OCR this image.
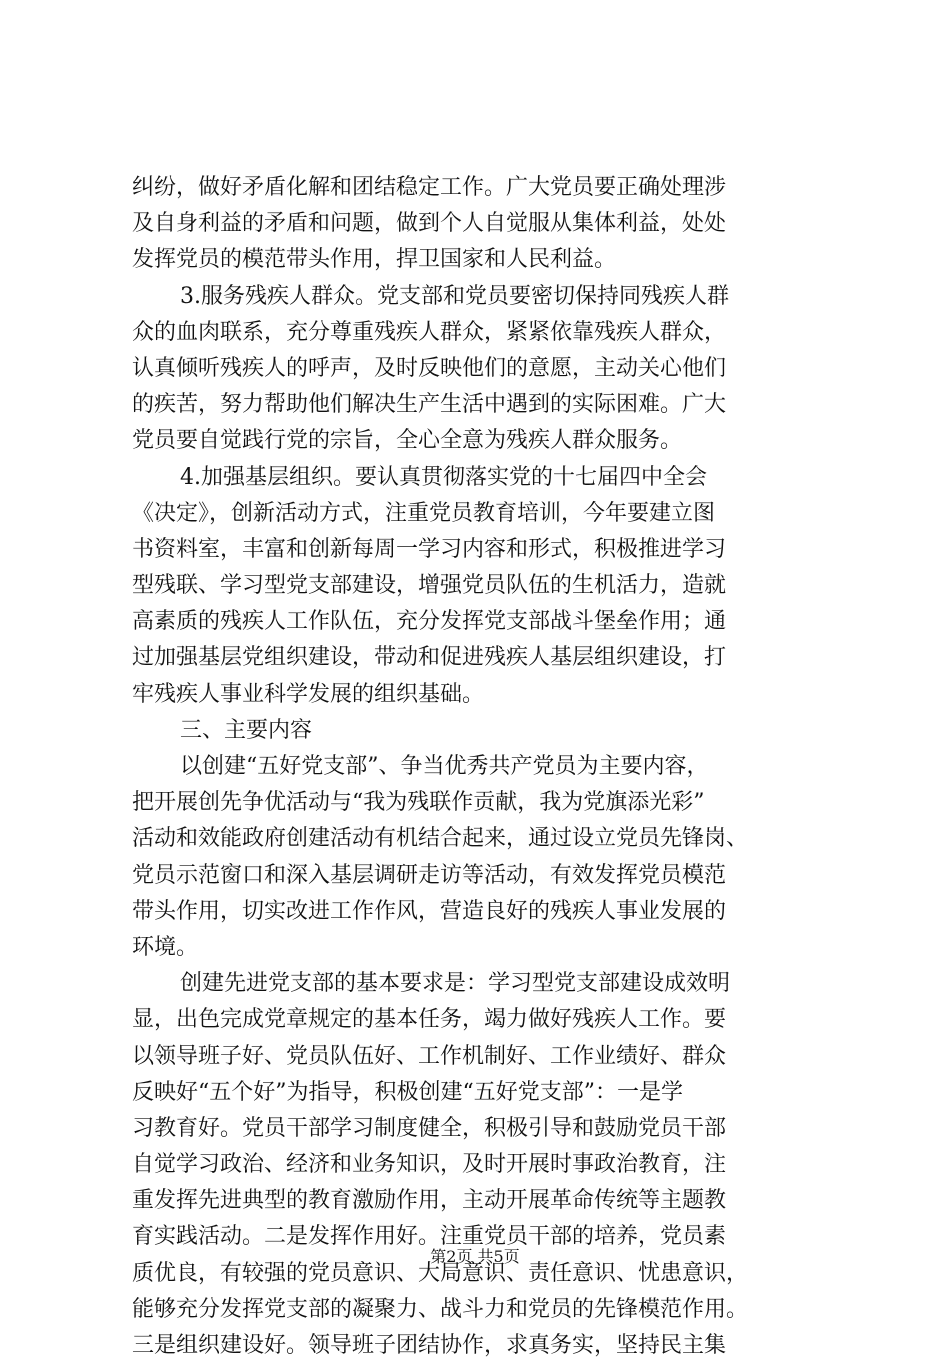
纠纷，做好矛盾化解和团结稳定工作。广大党员要正确处理涉
及自身利益的矛盾和问题，做到个人自觉服从集体利益，处处
发挥党员的模范带头作用，捍卫国家和人民利益。
3.服务残疾人群众。党支部和党员要密切保持同残疾人群
众的血肉联系，充分尊重残疾人群众，紧紧依靠残疾人群众，
认真倾听残疾人的呼声，及时反映他们的意愿，主动关心他们
的疾苦，努力帮助他们解决生产生活中遇到的实际困难。广大
党员要自觉践行党的宗旨，全心全意为残疾人群众服务。
4.加强基层组织。要认真贯彻落实党的十七届四中全会
《决定》，创新活动方式，注重党员教育培训，今年要建立图
书资料室，丰富和创新每周一学习内容和形式，积极推进学习
型残联、学习型党支部建设，增强党员队伍的生机活力，造就
高素质的残疾人工作队伍，充分发挥党支部战斗堡垒作用；通
过加强基层党组织建设，带动和促进残疾人基层组织建设，打
牢残疾人事业科学发展的组织基础。
三、主要内容
以创建“五好党支部”、争当优秀共产党员为主要内容，
把开展创先争优活动与“我为残联作贡献，我为党旗添光彩”
活动和效能政府创建活动有机结合起来，通过设立党员先锋岗、
党员示范窗口和深入基层调研走访等活动，有效发挥党员模范
带头作用，切实改进工作作风，营造良好的残疾人事业发展的
环境。
创建先进党支部的基本要求是：学习型党支部建设成效明
显，出色完成党章规定的基本任务，竭力做好残疾人工作。要
以领导班子好、党员队伍好、工作机制好、工作业绩好、群众
反映好“五个好”为指导，积极创建“五好党支部”：一是学
习教育好。党员干部学习制度健全，积极引导和鼓励党员干部
自觉学习政治、经济和业务知识，及时开展时事政治教育，注
重发挥先进典型的教育激励作用，主动开展革命传统等主题教
育实践活动。二是发挥作用好。注重党员干部的培养，党员素
质优良，有较强的党员意识、大局意识、责任意识、忧患意识，
能够充分发挥党支部的凝聚力、战斗力和党员的先锋模范作用。
三是组织建设好。领导班子团结协作，求真务实，坚持民主集
第2页 共5页
